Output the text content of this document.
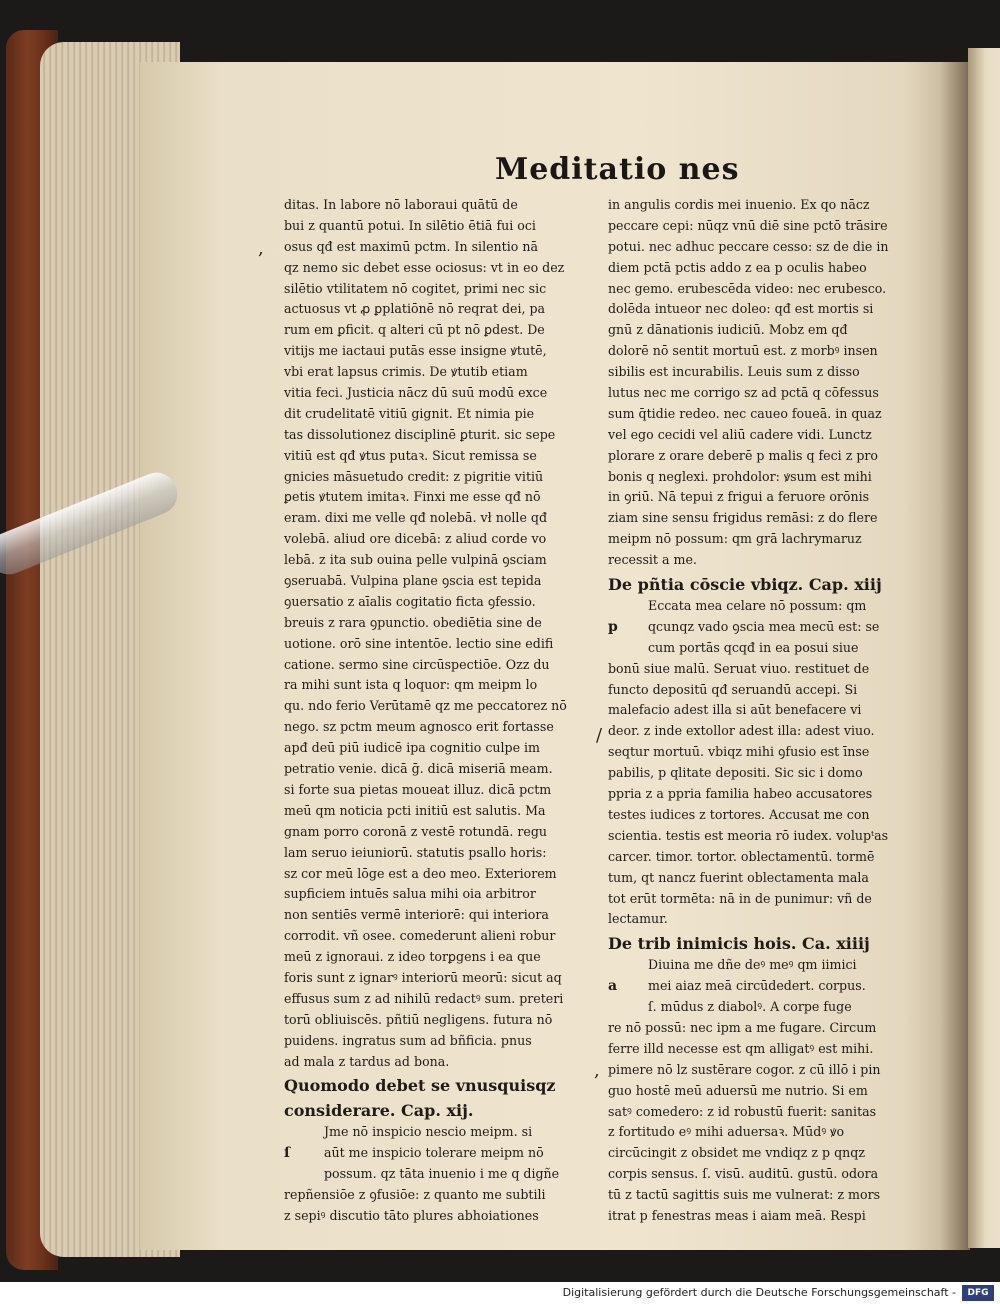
Meditatio nes
ditas. In labore nō laboraui quātū de
bui z quantū potui. In silētio ētiā fui oci
osus qđ est maximū pctm. In silentio nā
qz nemo sic debet esse ociosus: vt in eo dez
silētio vtilitatem nō cogitet, primi nec sic
actuosus vt ꝓ ꝑplatiōnē nō reqrat dei, pa
rum em ꝑficit. q alteri cū pt nō ꝑdest. De
vitijs me iactaui putās esse insigne ꝟtutē,
vbi erat lapsus crimis. De ꝟtutib etiam
vitia feci. Justicia nācz dū suū modū exce
dit crudelitatē vitiū gignit. Et nimia pie
tas dissolutionez disciplinē ꝑturit. sic sepe
vitiū est qđ ꝟtus putaꝛ. Sicut remissa se
gnicies māsuetudo credit: z pigritie vitiū
ꝑetis ꝟtutem imitaꝛ. Finxi me esse qđ nō
eram. dixi me velle qđ nolebā. vł nolle qđ
volebā. aliud ore dicebā: z aliud corde vo
lebā. z ita sub ouina pelle vulpinā ꝯsciam
ꝯseruabā. Vulpina plane ꝯscia est tepida
ꝯuersatio z aīalis cogitatio ficta ꝯfessio.
breuis z rara ꝯpunctio. obediētia sine de
uotione. orō sine intentōe. lectio sine edifi
catione. sermo sine circūspectiōe. Ozz du
ra mihi sunt ista q loquor: qm meipm lo
qu. ndo ferio Verūtamē qz me peccatorez nō
nego. sz pctm meum agnosco erit fortasse
apđ deū piū iudicē ipa cognitio culpe im
petratio venie. dicā ḡ. dicā miseriā meam.
si forte sua pietas moueat illuz. dicā pctm
meū qm noticia pcti initiū est salutis. Ma
gnam porro coronā z vestē rotundā. regu
lam seruo ieiuniorū. statutis psallo horis:
sz cor meū lōge est a deo meo. Exteriorem
supficiem intuēs salua mihi oia arbitror
non sentiēs vermē interiorē: qui interiora
corrodit. vñ osee. comederunt alieni robur
meū z ignoraui. z ideo torꝑgens i ea que
foris sunt z ignarꝰ interiorū meorū: sicut aq
effusus sum z ad nihilū redactꝰ sum. preteri
torū obliuiscēs. pñtiū negligens. futura nō
puidens. ingratus sum ad bñficia. pnus
ad mala z tardus ad bona.
Quomodo debet se vnusquisqz
considerare. Cap. xij.
Jme nō inspicio nescio meipm. si
ſ	aūt me inspicio tolerare meipm nō
possum. qz tāta inuenio i me q digñe
repñensiōe z ꝯfusiōe: z quanto me subtili
z sepiꝰ discutio tāto plures abhoiationes
in angulis cordis mei inuenio. Ex qo nācz
peccare cepi: nūqz vnū diē sine pctō trāsire
potui. nec adhuc peccare cesso: sz de die in
diem pctā pctis addo z ea p oculis habeo
nec gemo. erubescēda video: nec erubesco.
dolēda intueor nec doleo: qđ est mortis si
gnū z dānationis iudiciū. Mobz em qđ
dolorē nō sentit mortuū est. z morbꝰ insen
sibilis est incurabilis. Leuis sum z disso
lutus nec me corrigo sz ad pctā q cōfessus
sum q̄tidie redeo. nec caueo foueā. in quaz
vel ego cecidi vel aliū cadere vidi. Lunctz
plorare z orare deberē p malis q feci z pro
bonis q neglexi. prohdolor: ꝟsum est mihi
in ꝯriū. Nā tepui z frigui a feruore orōnis
ziam sine sensu frigidus remāsi: z do flere
meipm nō possum: qm grā lachrymaruz
recessit a me.
De pñtia cōscie vbiqz. Cap. xiij
Eccata mea celare nō possum: qm
p qcunqz vado ꝯscia mea mecū est: se
cum portās qcqđ in ea posui siue
bonū siue malū. Seruat viuo. restituet de
functo depositū qđ seruandū accepi. Si
malefacio adest illa si aūt benefacere vi
deor. z inde extollor adest illa: adest viuo.
seqtur mortuū. vbiqz mihi ꝯfusio est īnse
pabilis, p qlitate depositi. Sic sic i domo
ppria z a ppria familia habeo accusatores
testes iudices z tortores. Accusat me con
scientia. testis est meoria rō iudex. volupᵗas
carcer. timor. tortor. oblectamentū. tormē
tum, qt nancz fuerint oblectamenta mala
tot erūt tormēta: nā in de punimur: vñ de
lectamur.
De trib inimicis hois. Ca. xiiij
Diuina me dñe deꝰ meꝰ qm iimici
a mei aiaz meā circūdedert. corpus.
ſ. mūdus z diabolꝰ. A corpe fuge
re nō possū: nec ipm a me fugare. Circum
ferre illd necesse est qm alligatꝰ est mihi.
pimere nō lz sustērare cogor. z cū illō i pin
guo hostē meū aduersū me nutrio. Si em
satꝰ comedero: z id robustū fuerit: sanitas
z fortitudo eꝰ mihi aduersaꝛ. Mūdꝰ ꝟo
circūcingit z obsidet me vndiqz z p qnqz
corpis sensus. ſ. visū. auditū. gustū. odora
tū z tactū sagittis suis me vulnerat: z mors
itrat p fenestras meas i aiam meā. Respi
,
/
,
Digitalisierung gefördert durch die Deutsche Forschungsgemeinschaft -	DFG
